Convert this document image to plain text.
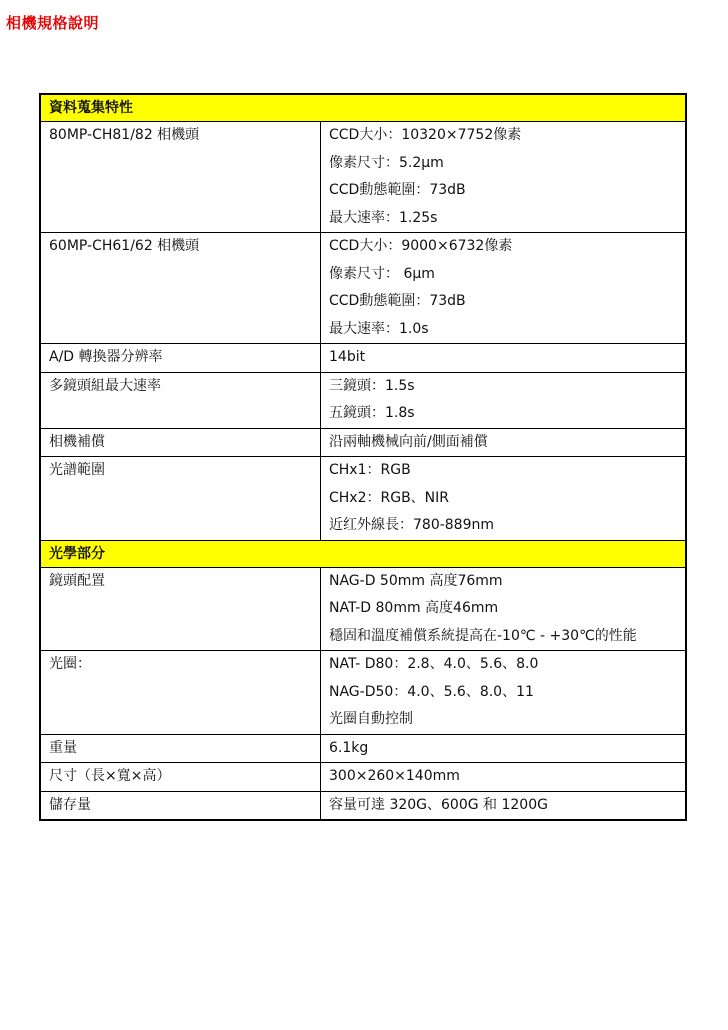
相機規格說明
資料蒐集特性	

80MP-CH81/82 相機頭	CCD大小：10320×7752像素
像素尺寸：5.2μm
CCD動態範圍：73dB
最大速率：1.25s

60MP-CH61/62 相機頭	CCD大小：9000×6732像素
像素尺寸： 6μm
CCD動態範圍：73dB
最大速率：1.0s

A/D 轉換器分辨率	14bit

多鏡頭組最大速率	三鏡頭：1.5s
五鏡頭：1.8s

相機補償	沿兩軸機械向前/側面補償

光譜範圍	CHx1：RGB
CHx2：RGB、NIR
近红外線長：780-889nm

光學部分	

鏡頭配置	NAG-D 50mm 高度76mm
NAT-D 80mm 高度46mm
穩固和溫度補償系統提高在-10℃ - +30℃的性能

光圈：	NAT- D80：2.8、4.0、5.6、8.0
NAG-D50：4.0、5.6、8.0、11
光圈自動控制

重量	6.1kg

尺寸（長×寬×高）	300×260×140mm

儲存量	容量可達 320G、600G 和 1200G
